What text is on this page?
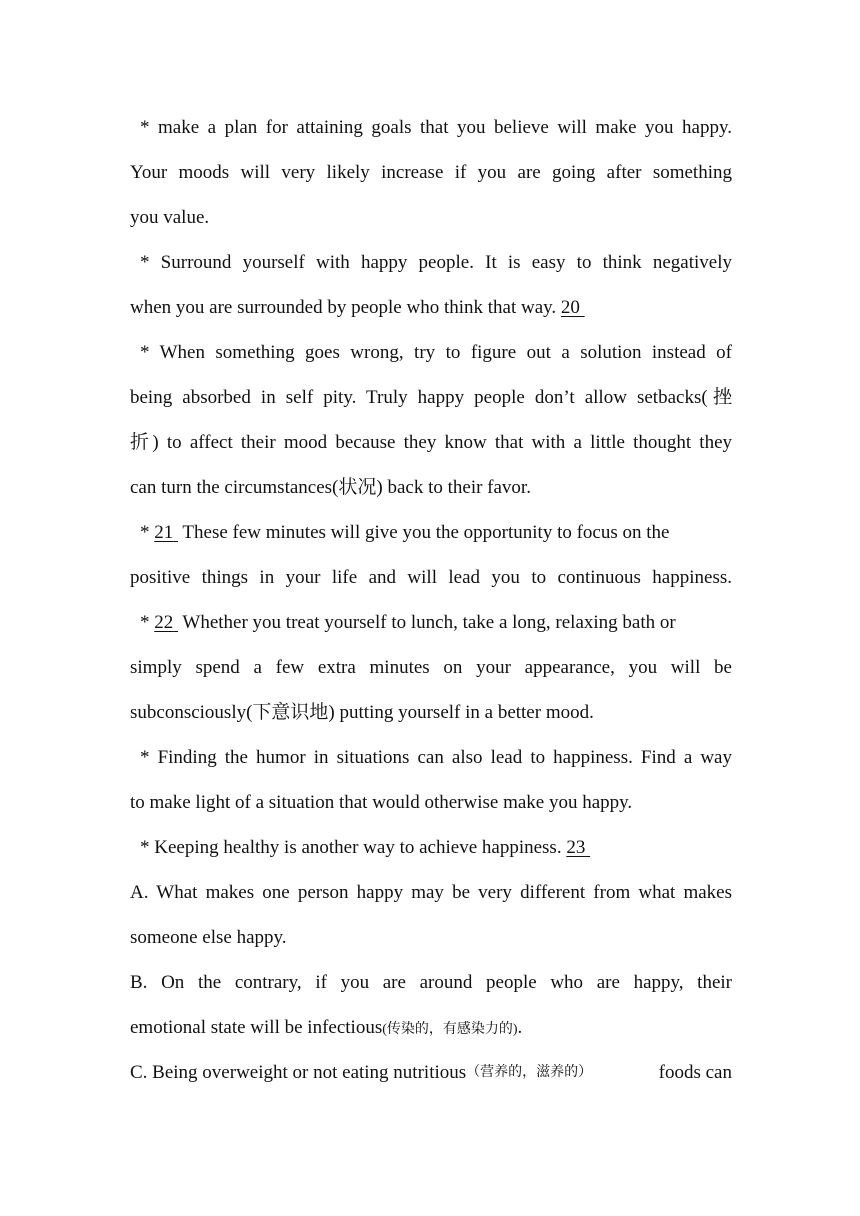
* make a plan for attaining goals that you believe will make you happy.
Your moods will very likely increase if you are going after something
you value.
* Surround yourself with happy people. It is easy to think negatively
when you are surrounded by people who think that way. 20
* When something goes wrong, try to figure out a solution instead of
being absorbed in self pity. Truly happy people don’t allow setbacks(挫
折) to affect their mood because they know that with a little thought they
can turn the circumstances(状况) back to their favor.
* 21 These few minutes will give you the opportunity to focus on the
positive things in your life and will lead you to continuous happiness.
* 22 Whether you treat yourself to lunch, take a long, relaxing bath or
simply spend a few extra minutes on your appearance, you will be
subconsciously(下意识地) putting yourself in a better mood.
* Finding the humor in situations can also lead to happiness. Find a way
to make light of a situation that would otherwise make you happy.
* Keeping healthy is another way to achieve happiness. 23
A. What makes one person happy may be very different from what makes
someone else happy.
B. On the contrary, if you are around people who are happy, their
emotional state will be infectious(传染的，有感染力的).
C. Being overweight or not eating nutritious （营养的，滋养的）	foods can
